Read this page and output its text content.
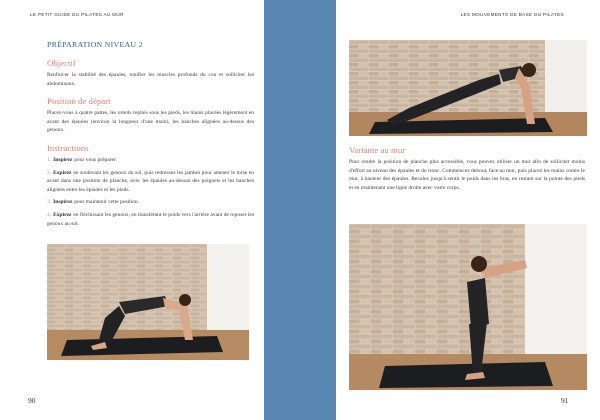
LE PETIT GUIDE DU PILATES AU MUR
PRÉPARATION NIVEAU 2
Objectif

Renforcer la stabilité des épaules, tonifier les muscles profonds du cou et solliciter les abdominaux.

Position de départ

Placez-vous à quatre pattes, les orteils repliés sous les pieds, les mains placées légèrement en avant des épaules (environ la longueur d'une main), les hanches alignées au-dessus des genoux.

Instructions
1. Inspirez pour vous préparer.
2. Expirez en soulevant les genoux du sol, puis redressez les jambes pour amener le torse en avant dans une position de planche, avec les épaules au-dessus des poignets et les hanches alignées entre les épaules et les pieds.
3. Inspirez pour maintenir cette position.
4. Expirez en fléchissant les genoux, en transférant le poids vers l'arrière avant de reposer les genoux au sol.
90
LES MOUVEMENTS DE BASE DU PILATES
Variante au mur

Pour rendre la position de planche plus accessible, vous pouvez utiliser un mur afin de solliciter moins d'effort au niveau des épaules et du tronc. Commencez debout, face au mur, puis placez les mains contre le mur, à hauteur des épaules. Reculez jusqu'à sentir le poids dans les bras, en restant sur la pointe des pieds et en maintenant une ligne droite avec votre corps.

91
